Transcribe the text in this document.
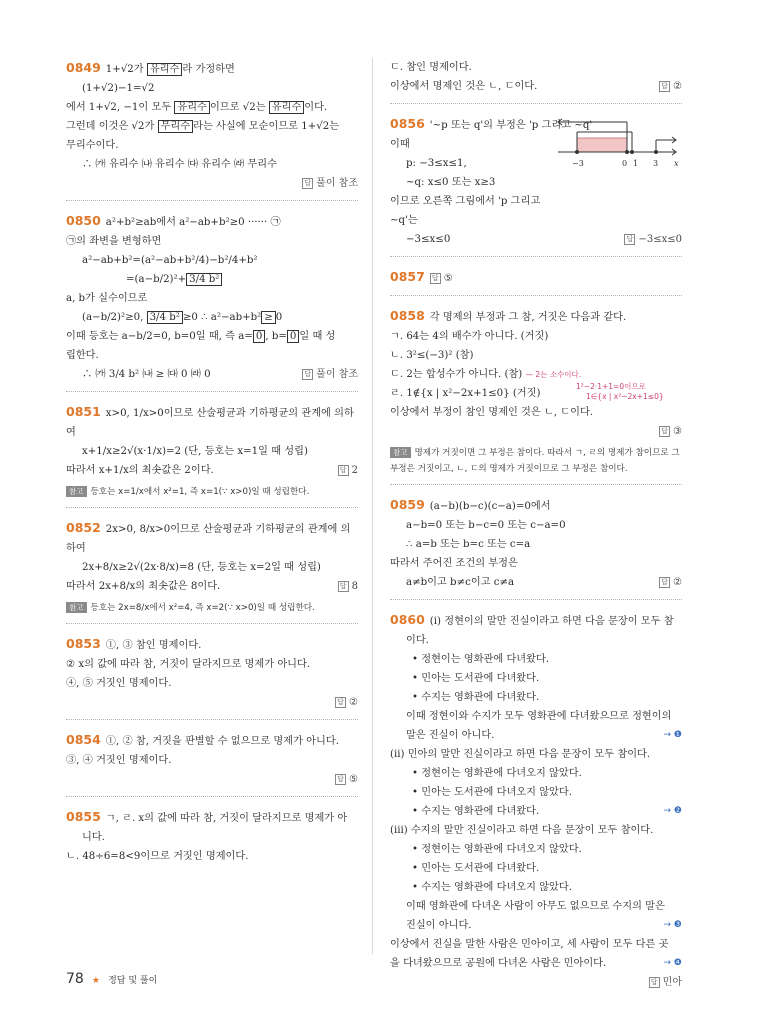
0849 1+√2가 유리수 라 가정하면
(1+√2)−1=√2
에서 1+√2, −1이 모두 유리수 이므로 √2는 유리수 이다.
그런데 이것은 √2가 무리수 라는 사실에 모순이므로 1+√2는
무리수이다.
∴ ㈎ 유리수 ㈏ 유리수 ㈐ 유리수 ㈑ 무리수
답 풀이 참조
0850 a²+b²≥ab에서 a²−ab+b²≥0 ······ ㉠
㉠의 좌변을 변형하면
a²−ab+b²=(a²−ab+b²/4)−b²/4+b²
=(a−b/2)²+ 3/4 b²
a, b가 실수이므로
(a−b/2)²≥0, 3/4 b² ≥0 ∴ a²−ab+b² ≥ 0
이때 등호는 a−b/2=0, b=0일 때, 즉 a= 0 , b= 0 일 때 성
립한다.
∴ ㈎ 3/4 b² ㈏ ≥ ㈐ 0 ㈑ 0	답 풀이 참조
0851 x>0, 1/x>0이므로 산술평균과 기하평균의 관계에 의하
여
x+1/x≥2√(x·1/x)=2 (단, 등호는 x=1일 때 성립)
따라서 x+1/x의 최솟값은 2이다.	답 2
참고 등호는 x=1/x에서 x²=1, 즉 x=1(∵ x>0)일 때 성립한다.
0852 2x>0, 8/x>0이므로 산술평균과 기하평균의 관계에 의
하여
2x+8/x≥2√(2x·8/x)=8 (단, 등호는 x=2일 때 성립)
따라서 2x+8/x의 최솟값은 8이다.	답 8
참고 등호는 2x=8/x에서 x²=4, 즉 x=2(∵ x>0)일 때 성립한다.
0853 ①, ③ 참인 명제이다.
② x의 값에 따라 참, 거짓이 달라지므로 명제가 아니다.
④, ⑤ 거짓인 명제이다.
답 ②
0854 ①, ② 참, 거짓을 판별할 수 없으므로 명제가 아니다.
③, ④ 거짓인 명제이다.
답 ⑤
0855 ㄱ, ㄹ. x의 값에 따라 참, 거짓이 달라지므로 명제가 아
니다.
ㄴ. 48÷6=8<9이므로 거짓인 명제이다.
ㄷ. 참인 명제이다.
이상에서 명제인 것은 ㄴ, ㄷ이다.	답 ②
−3	0 1 3 x
0856 '~p 또는 q'의 부정은 'p 그리고 ~q'
이때
p: −3≤x≤1,
~q: x≤0 또는 x≥3
이므로 오른쪽 그림에서 'p 그리고
~q'는
−3≤x≤0	답 −3≤x≤0
0857 답 ⑤
0858 각 명제의 부정과 그 참, 거짓은 다음과 같다.
ㄱ. 64는 4의 배수가 아니다. (거짓)
ㄴ. 3²≤(−3)² (참)
ㄷ. 2는 합성수가 아니다. (참) — 2는 소수이다.
ㄹ. 1∉{x | x²−2x+1≤0} (거짓)
1²−2·1+1=0이므로
1∈{x | x²−2x+1≤0}
이상에서 부정이 참인 명제인 것은 ㄴ, ㄷ이다.
답 ③
참고 명제가 거짓이면 그 부정은 참이다. 따라서 ㄱ, ㄹ의 명제가 참이므로 그
부정은 거짓이고, ㄴ, ㄷ의 명제가 거짓이므로 그 부정은 참이다.
0859 (a−b)(b−c)(c−a)=0에서
a−b=0 또는 b−c=0 또는 c−a=0
∴ a=b 또는 b=c 또는 c=a
따라서 주어진 조건의 부정은
a≠b이고 b≠c이고 c≠a	답 ②
0860 (ⅰ) 정현이의 말만 진실이라고 하면 다음 문장이 모두 참
이다.
• 정현이는 영화관에 다녀왔다.
• 민아는 도서관에 다녀왔다.
• 수지는 영화관에 다녀왔다.
이때 정현이와 수지가 모두 영화관에 다녀왔으므로 정현이의
말은 진실이 아니다.	→ ❶
(ⅱ) 민아의 말만 진실이라고 하면 다음 문장이 모두 참이다.
• 정현이는 영화관에 다녀오지 않았다.
• 민아는 도서관에 다녀오지 않았다.
• 수지는 영화관에 다녀왔다.	→ ❷
(ⅲ) 수지의 말만 진실이라고 하면 다음 문장이 모두 참이다.
• 정현이는 영화관에 다녀오지 않았다.
• 민아는 도서관에 다녀왔다.
• 수지는 영화관에 다녀오지 않았다.
이때 영화관에 다녀온 사람이 아무도 없으므로 수지의 말은
진실이 아니다.	→ ❸
이상에서 진실을 말한 사람은 민아이고, 세 사람이 모두 다른 곳
을 다녀왔으므로 공원에 다녀온 사람은 민아이다.	→ ❹
답 민아
78 ★ 정답 및 풀이
